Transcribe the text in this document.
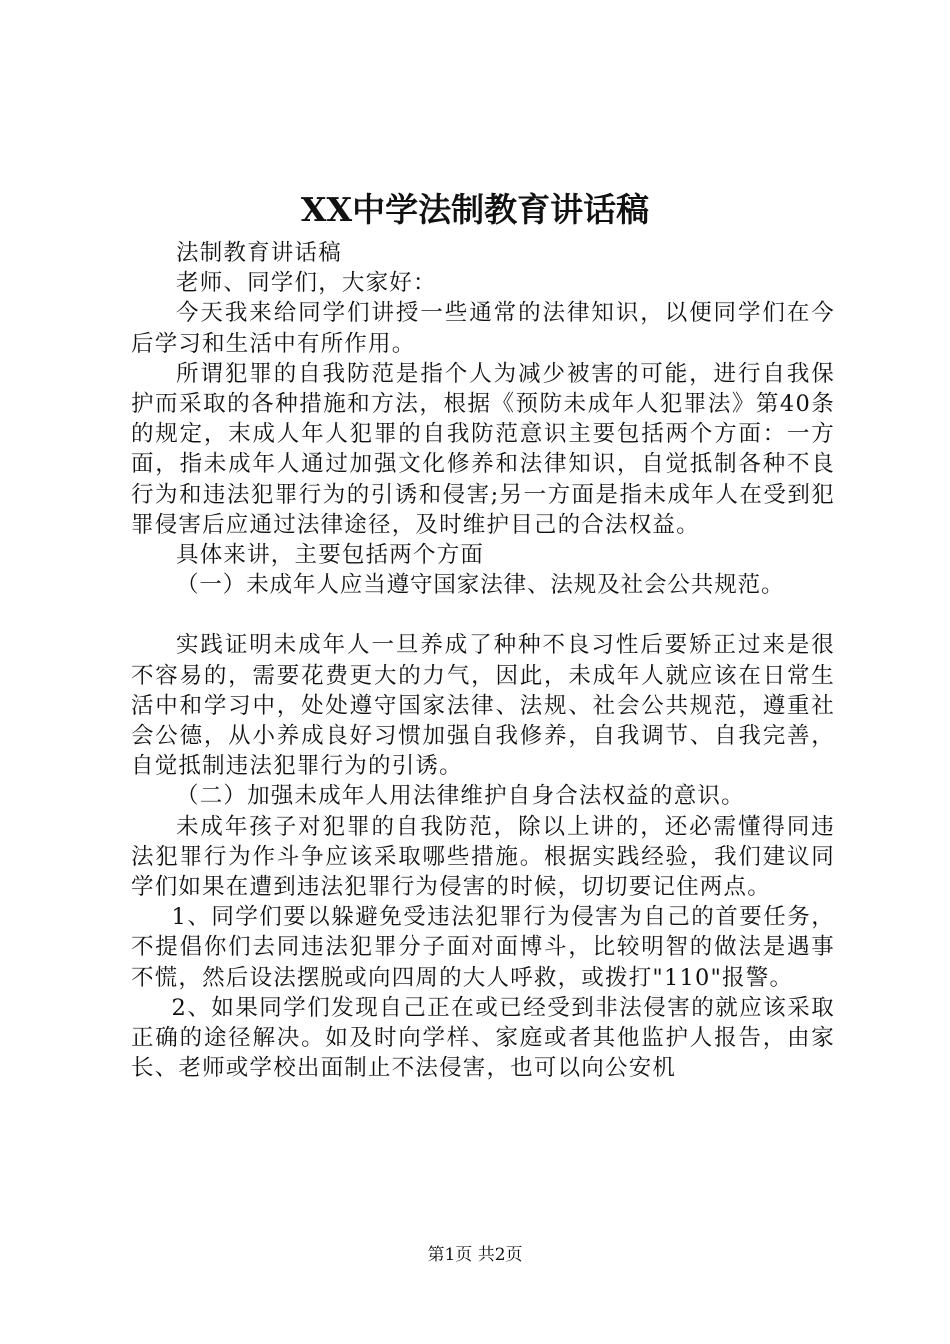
XX中学法制教育讲话稿

法制教育讲话稿

老师、同学们，大家好：

今天我来给同学们讲授一些通常的法律知识，以便同学们在今后学习和生活中有所作用。

所谓犯罪的自我防范是指个人为减少被害的可能，进行自我保护而采取的各种措施和方法，根据《预防未成年人犯罪法》第40条的规定，末成人年人犯罪的自我防范意识主要包括两个方面：一方面，指未成年人通过加强文化修养和法律知识，自觉抵制各种不良行为和违法犯罪行为的引诱和侵害;另一方面是指未成年人在受到犯罪侵害后应通过法律途径，及时维护目己的合法权益。

具体来讲，主要包括两个方面

（一）未成年人应当遵守国家法律、法规及社会公共规范。

实践证明未成年人一旦养成了种种不良习性后要矫正过来是很不容易的，需要花费更大的力气，因此，未成年人就应该在日常生活中和学习中，处处遵守国家法律、法规、社会公共规范，遵重社会公德，从小养成良好习惯加强自我修养，自我调节、自我完善，自觉抵制违法犯罪行为的引诱。

（二）加强未成年人用法律维护自身合法权益的意识。

未成年孩子对犯罪的自我防范，除以上讲的，还必需懂得同违法犯罪行为作斗争应该采取哪些措施。根据实践经验，我们建议同学们如果在遭到违法犯罪行为侵害的时候，切切要记住两点。

1、同学们要以躲避免受违法犯罪行为侵害为自己的首要任务，不提倡你们去同违法犯罪分子面对面博斗，比较明智的做法是遇事不慌，然后设法摆脱或向四周的大人呼救，或拨打"110"报警。

2、如果同学们发现自己正在或已经受到非法侵害的就应该采取正确的途径解决。如及时向学样、家庭或者其他监护人报告，由家长、老师或学校出面制止不法侵害，也可以向公安机

第1页 共2页
